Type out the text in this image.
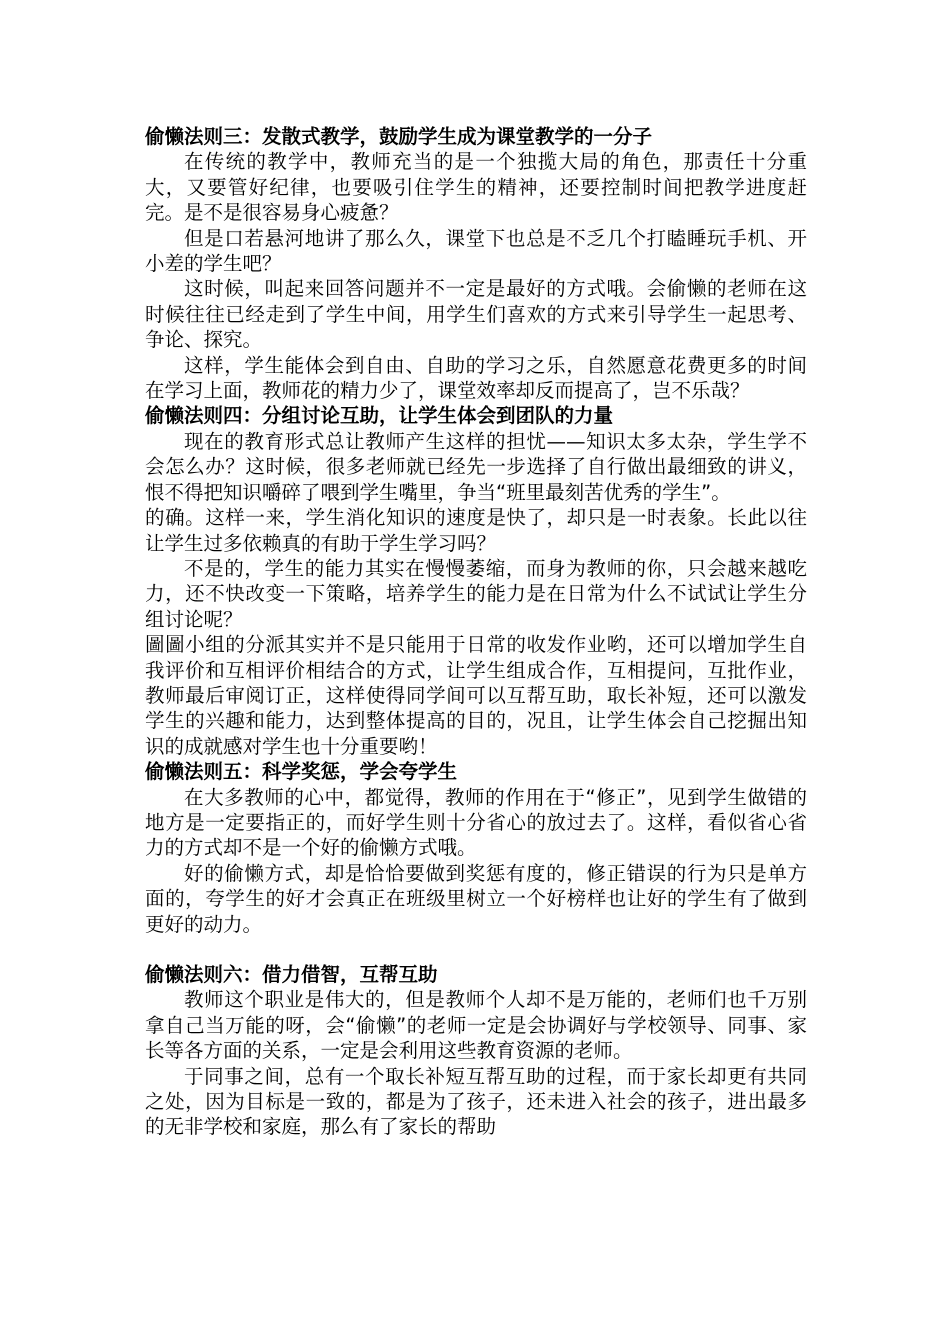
偷懒法则三：发散式教学，鼓励学生成为课堂教学的一分子
在传统的教学中，教师充当的是一个独揽大局的角色，那责任十分重大，又要管好纪律，也要吸引住学生的精神，还要控制时间把教学进度赶完。是不是很容易身心疲惫？
但是口若悬河地讲了那么久，课堂下也总是不乏几个打瞌睡玩手机、开小差的学生吧？
这时候，叫起来回答问题并不一定是最好的方式哦。会偷懒的老师在这时候往往已经走到了学生中间，用学生们喜欢的方式来引导学生一起思考、争论、探究。
这样，学生能体会到自由、自助的学习之乐，自然愿意花费更多的时间在学习上面，教师花的精力少了，课堂效率却反而提高了，岂不乐哉？
偷懒法则四：分组讨论互助，让学生体会到团队的力量
现在的教育形式总让教师产生这样的担忧——知识太多太杂，学生学不会怎么办？这时候，很多老师就已经先一步选择了自行做出最细致的讲义，恨不得把知识嚼碎了喂到学生嘴里，争当“班里最刻苦优秀的学生”。
的确。这样一来，学生消化知识的速度是快了，却只是一时表象。长此以往让学生过多依赖真的有助于学生学习吗？
不是的，学生的能力其实在慢慢萎缩，而身为教师的你，只会越来越吃力，还不快改变一下策略，培养学生的能力是在日常为什么不试试让学生分组讨论呢？
圖圖小组的分派其实并不是只能用于日常的收发作业哟，还可以增加学生自我评价和互相评价相结合的方式，让学生组成合作，互相提问，互批作业，教师最后审阅订正，这样使得同学间可以互帮互助，取长补短，还可以激发学生的兴趣和能力，达到整体提高的目的，况且，让学生体会自己挖掘出知识的成就感对学生也十分重要哟！
偷懒法则五：科学奖惩，学会夸学生
在大多教师的心中，都觉得，教师的作用在于“修正”，见到学生做错的地方是一定要指正的，而好学生则十分省心的放过去了。这样，看似省心省力的方式却不是一个好的偷懒方式哦。
好的偷懒方式，却是恰恰要做到奖惩有度的，修正错误的行为只是单方面的，夸学生的好才会真正在班级里树立一个好榜样也让好的学生有了做到更好的动力。
偷懒法则六：借力借智，互帮互助
教师这个职业是伟大的，但是教师个人却不是万能的，老师们也千万别拿自己当万能的呀，会“偷懒”的老师一定是会协调好与学校领导、同事、家长等各方面的关系，一定是会利用这些教育资源的老师。
于同事之间，总有一个取长补短互帮互助的过程，而于家长却更有共同之处，因为目标是一致的，都是为了孩子，还未进入社会的孩子，进出最多的无非学校和家庭，那么有了家长的帮助
